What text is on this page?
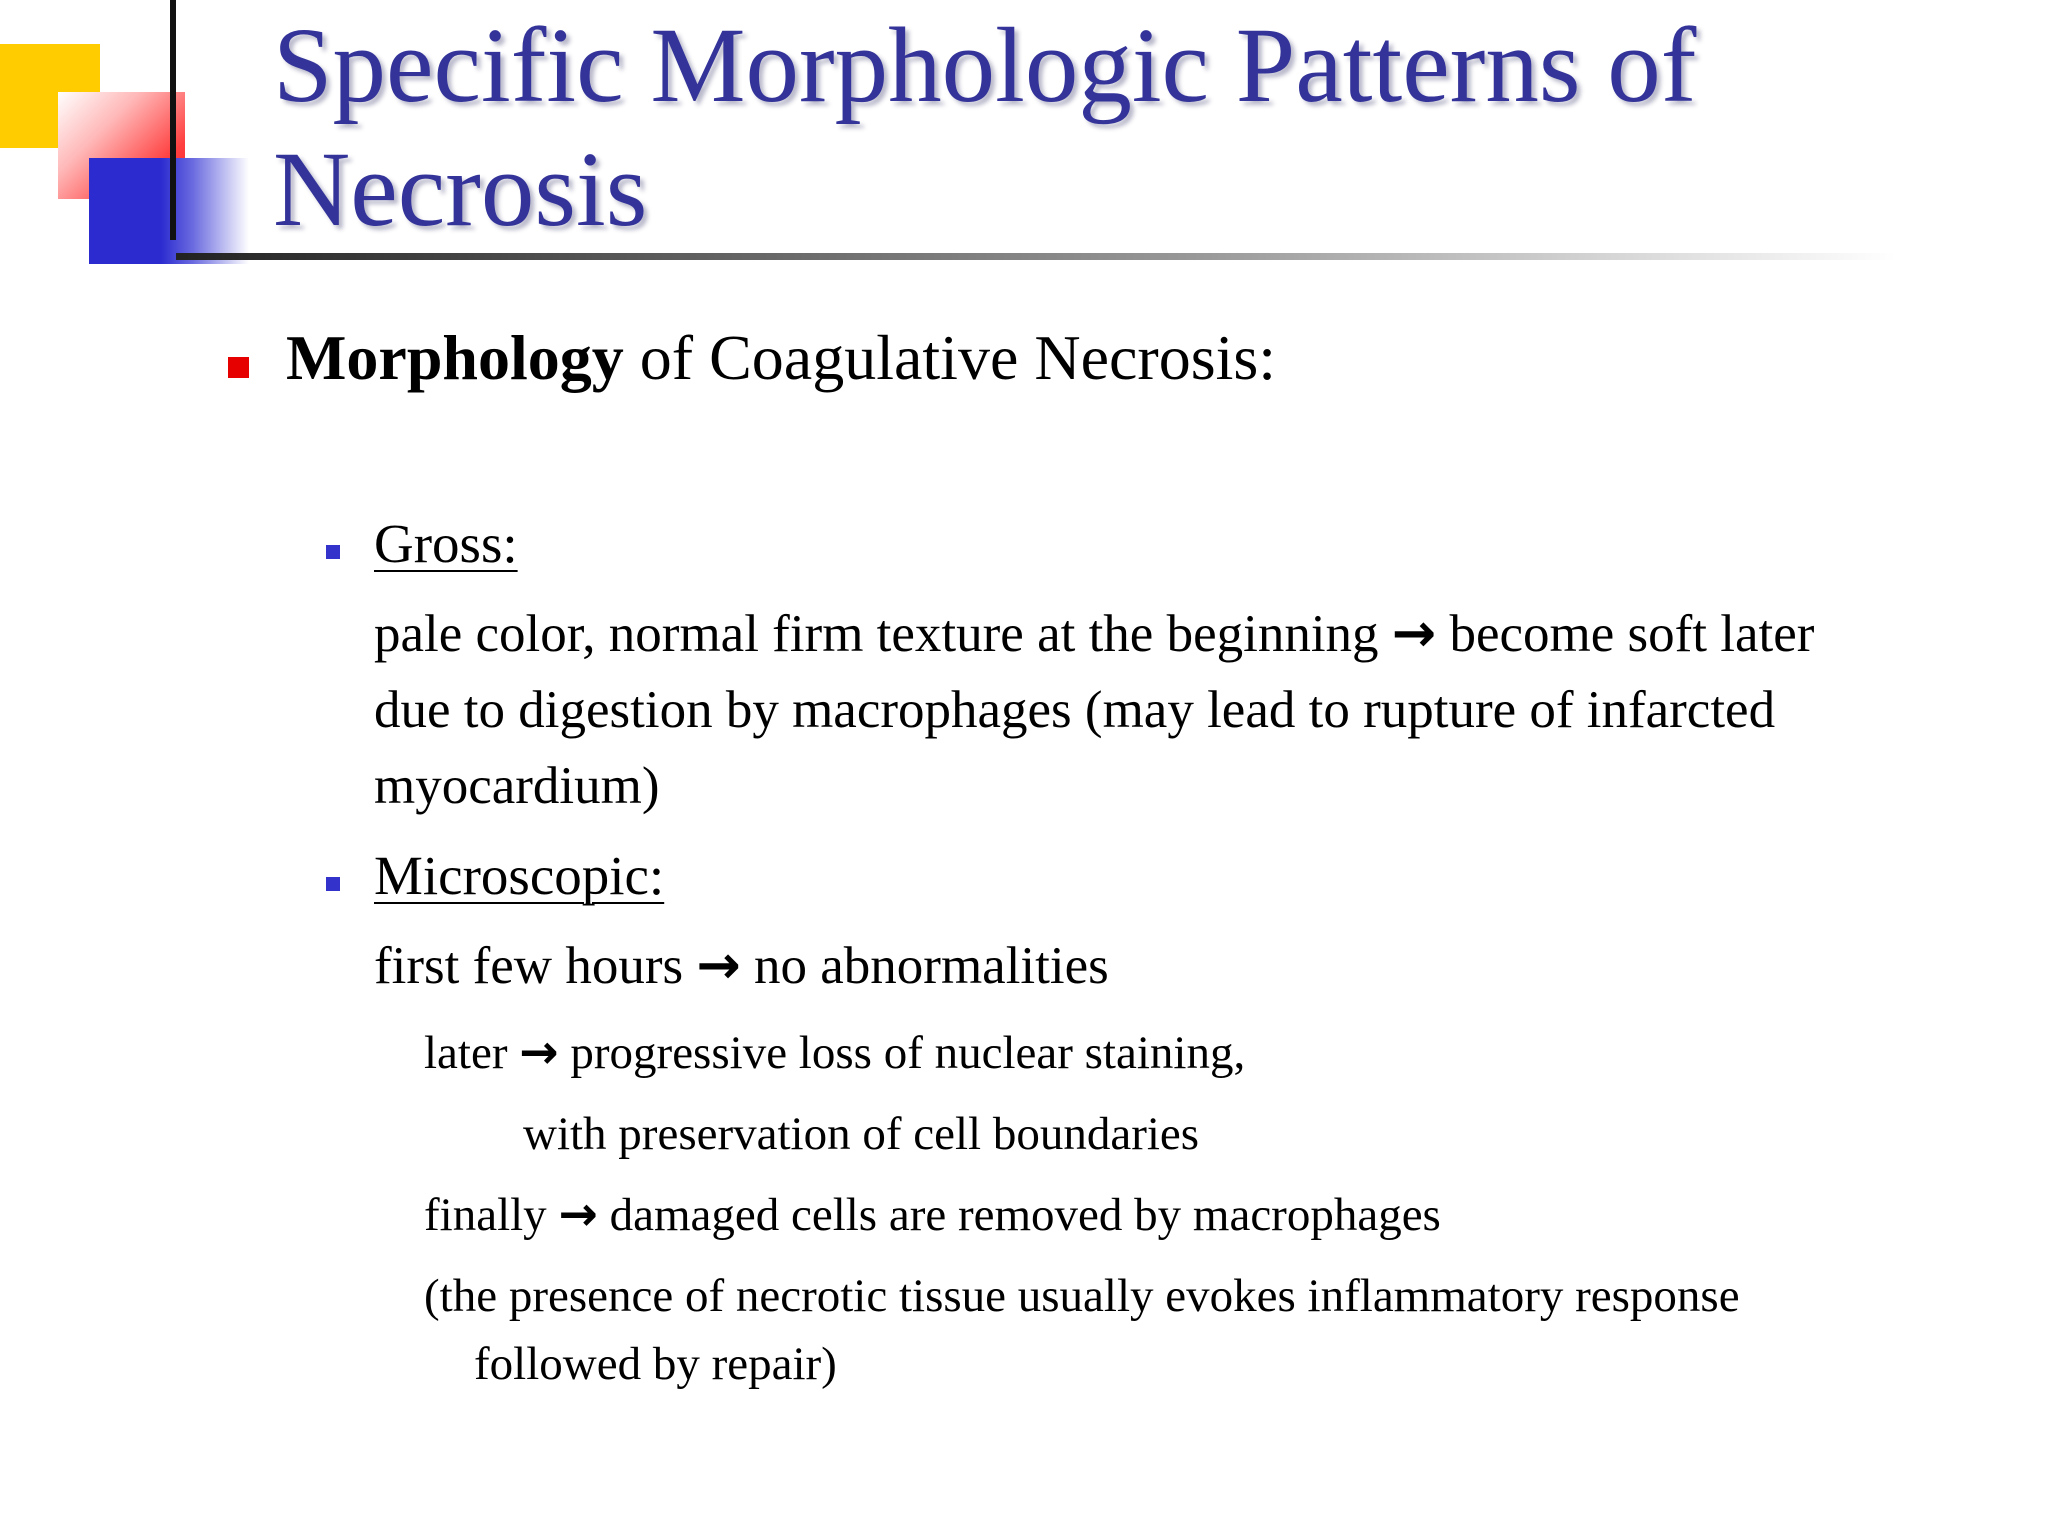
Specific Morphologic Patterns of
Necrosis
Morphology of Coagulative Necrosis:
Gross:
pale color, normal firm texture at the beginning → become soft later
due to digestion by macrophages (may lead to rupture of infarcted
myocardium)
Microscopic:
first few hours → no abnormalities
later → progressive loss of nuclear staining,
with preservation of cell boundaries
finally → damaged cells are removed by macrophages
(the presence of necrotic tissue usually evokes inflammatory response
followed by repair)
